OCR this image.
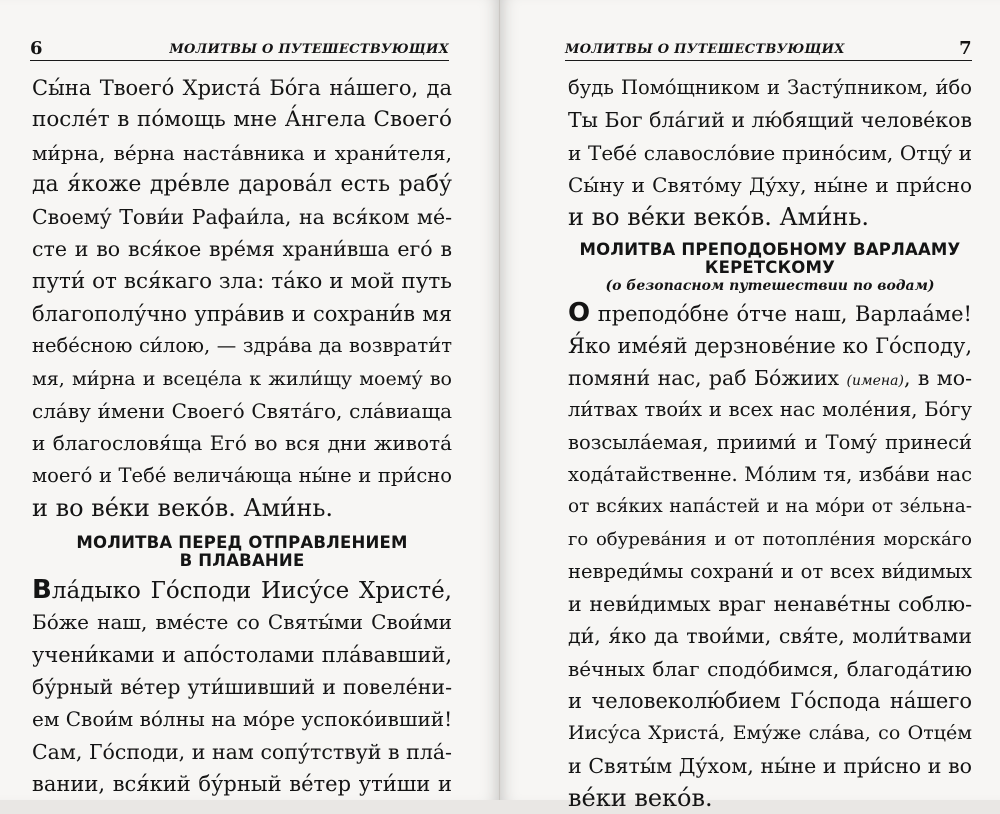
6	МОЛИТВЫ О ПУТЕШЕСТВУЮЩИХ
Сы́на Твоего́ Христа́ Бо́га на́шего, да
после́т в по́мощь мне А́нгела Своего́
ми́рна, ве́рна наста́вника и храни́теля,
да я́коже дре́вле дарова́л есть рабу́
Своему́ Тови́и Рафаи́ла, на вся́ком ме́-
сте и во вся́кое вре́мя храни́вша его́ в
пути́ от вся́каго зла: та́ко и мой путь
благополу́чно упра́вив и сохрани́в мя
небе́сною си́лою, — здра́ва да возврати́т
мя, ми́рна и всеце́ла к жили́щу моему́ во
сла́ву и́мени Своего́ Свята́го, сла́виаща
и благословя́ща Его́ во вся дни живота́
моего́ и Тебе́ велича́юща ны́не и при́сно
и во ве́ки веко́в. Ами́нь.
МОЛИТВА ПЕРЕД ОТПРАВЛЕНИЕМ
В ПЛАВАНИЕ
Вла́дыко Го́споди Иису́се Христе́,
Бо́же наш, вме́сте со Святы́ми Свои́ми
учени́ками и апо́столами пла́вавший,
бу́рный ве́тер ути́шивший и повеле́ни-
ем Свои́м во́лны на мо́ре успоко́ивший!
Сам, Го́споди, и нам сопу́тствуй в пла́-
вании, вся́кий бу́рный ве́тер ути́ши и
МОЛИТВЫ О ПУТЕШЕСТВУЮЩИХ	7
будь Помо́щником и Засту́пником, и́бо
Ты Бог бла́гий и лю́бящий челове́ков
и Тебе́ славосло́вие прино́сим, Отцу́ и
Сы́ну и Свято́му Ду́ху, ны́не и при́сно
и во ве́ки веко́в. Ами́нь.
МОЛИТВА ПРЕПОДОБНОМУ ВАРЛААМУ
КЕРЕТСКОМУ
(о безопасном путешествии по водам)
О преподо́бне о́тче наш, Варлаа́ме!
Я́ко име́яй дерзнове́ние ко Го́споду,
помяни́ нас, раб Бо́жиих (имена), в мо-
ли́твах твои́х и всех нас моле́ния, Бо́гу
возсыла́емая, приими́ и Тому́ принеси́
хода́тайственне. Мо́лим тя, изба́ви нас
от вся́ких напа́стей и на мо́ри от зе́льна-
го обурева́ния и от потопле́ния морска́го
невреди́мы сохрани́ и от всех ви́димых
и неви́димых враг ненаве́тны соблю-
ди́, я́ко да твои́ми, свя́те, моли́твами
ве́чных благ сподо́бимся, благода́тию
и человеколю́бием Го́спода на́шего
Иису́са Христа́, Ему́же сла́ва, со Отце́м
и Святы́м Ду́хом, ны́не и при́сно и во
ве́ки веко́в.
